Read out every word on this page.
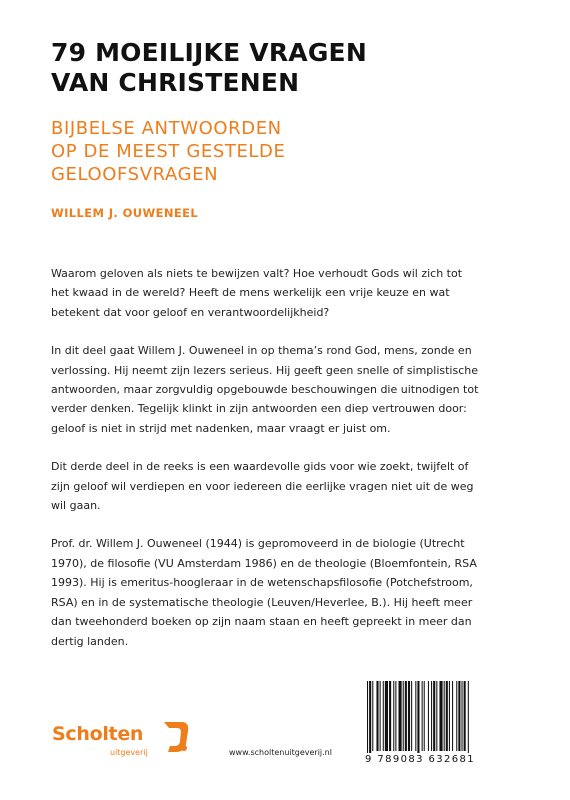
79 MOEILIJKE VRAGEN
VAN CHRISTENEN
BIJBELSE ANTWOORDEN
OP DE MEEST GESTELDE
GELOOFSVRAGEN
WILLEM J. OUWENEEL

Waarom geloven als niets te bewijzen valt? Hoe verhoudt Gods wil zich tot
het kwaad in de wereld? Heeft de mens werkelijk een vrije keuze en wat
betekent dat voor geloof en verantwoordelijkheid?

In dit deel gaat Willem J. Ouweneel in op thema’s rond God, mens, zonde en
verlossing. Hij neemt zijn lezers serieus. Hij geeft geen snelle of simplistische
antwoorden, maar zorgvuldig opgebouwde beschouwingen die uitnodigen tot
verder denken. Tegelijk klinkt in zijn antwoorden een diep vertrouwen door:
geloof is niet in strijd met nadenken, maar vraagt er juist om.

Dit derde deel in de reeks is een waardevolle gids voor wie zoekt, twijfelt of
zijn geloof wil verdiepen en voor iedereen die eerlijke vragen niet uit de weg
wil gaan.

Prof. dr. Willem J. Ouweneel (1944) is gepromoveerd in de biologie (Utrecht
1970), de filosofie (VU Amsterdam 1986) en de theologie (Bloemfontein, RSA
1993). Hij is emeritus-hoogleraar in de wetenschapsfilosofie (Potchefstroom,
RSA) en in de systematische theologie (Leuven/Heverlee, B.). Hij heeft meer
dan tweehonderd boeken op zijn naam staan en heeft gepreekt in meer dan
dertig landen.

Scholten
uitgeverij	www.scholtenuitgeverij.nl
9 789083 632681
